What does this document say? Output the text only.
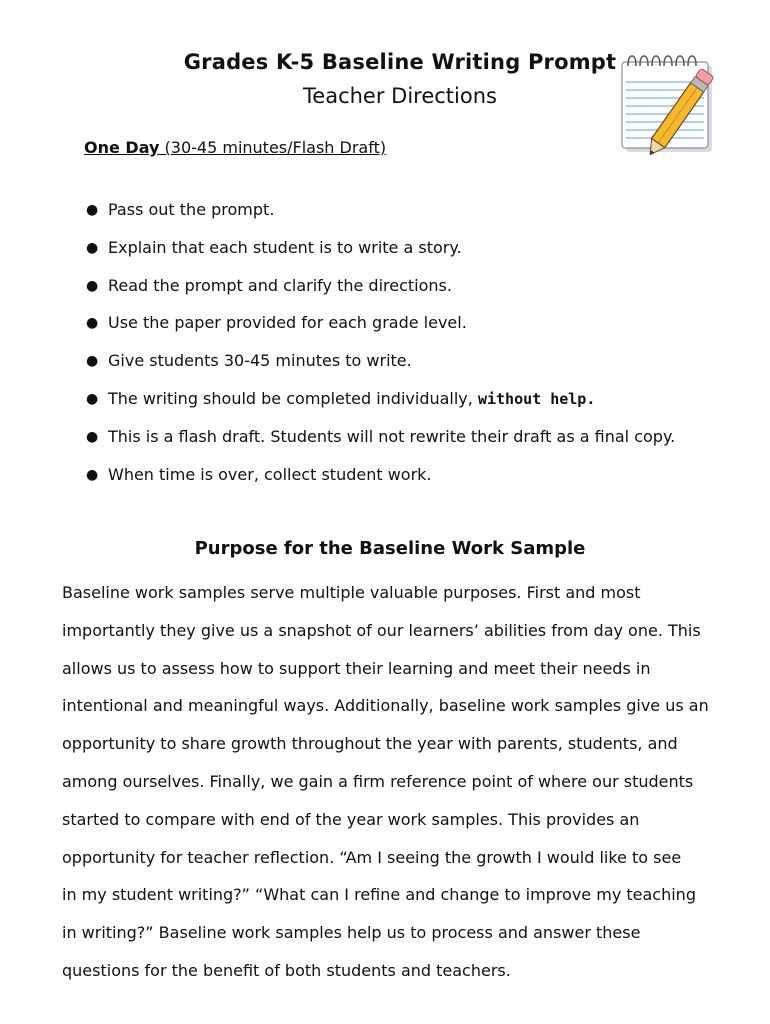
Grades K-5 Baseline Writing Prompt
Teacher Directions
One Day (30-45 minutes/Flash Draft)
● Pass out the prompt.
● Explain that each student is to write a story.
● Read the prompt and clarify the directions.
● Use the paper provided for each grade level.
● Give students 30-45 minutes to write.
● The writing should be completed individually, without help.
● This is a flash draft. Students will not rewrite their draft as a final copy.
● When time is over, collect student work.
Purpose for the Baseline Work Sample

Baseline work samples serve multiple valuable purposes. First and most
importantly they give us a snapshot of our learners’ abilities from day one. This
allows us to assess how to support their learning and meet their needs in
intentional and meaningful ways. Additionally, baseline work samples give us an
opportunity to share growth throughout the year with parents, students, and
among ourselves. Finally, we gain a firm reference point of where our students
started to compare with end of the year work samples. This provides an
opportunity for teacher reflection. “Am I seeing the growth I would like to see
in my student writing?” “What can I refine and change to improve my teaching
in writing?” Baseline work samples help us to process and answer these
questions for the benefit of both students and teachers.
